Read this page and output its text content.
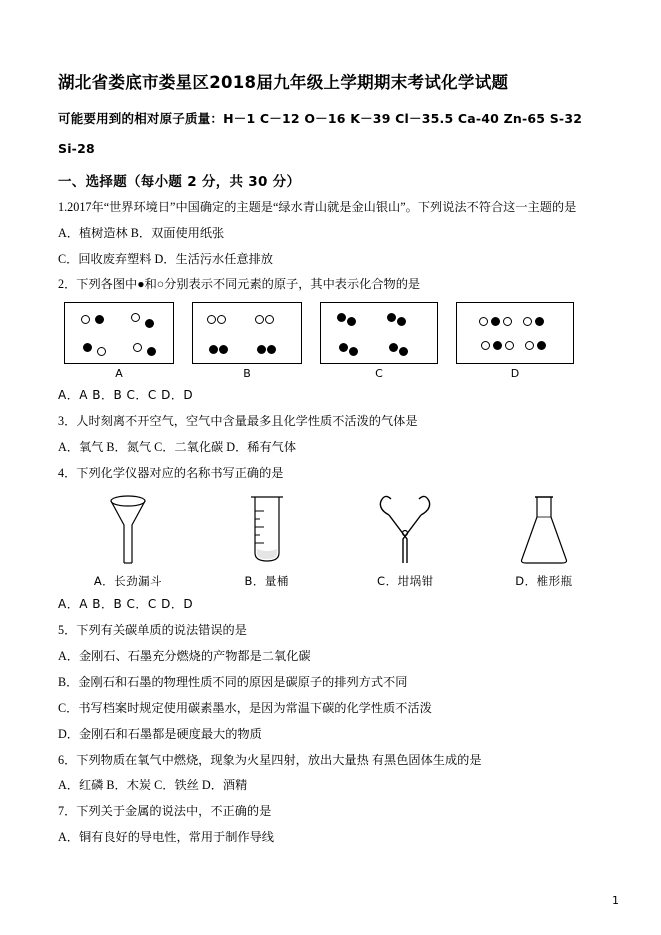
湖北省娄底市娄星区2018届九年级上学期期末考试化学试题
可能要用到的相对原子质量：H－1 C－12 O－16 K－39 Cl－35.5 Ca-40 Zn-65 S-32
Si-28
一、选择题（每小题 2 分，共 30 分）
1.2017年“世界环境日”中国确定的主题是“绿水青山就是金山银山”。下列说法不符合这一主题的是
A．植树造林 B．双面使用纸张
C．回收废弃塑料 D．生活污水任意排放
2．下列各图中●和○分别表示不同元素的原子，其中表示化合物的是
A	B	C	D
A．A B．B C．C D．D
3．人时刻离不开空气，空气中含量最多且化学性质不活泼的气体是
A．氧气 B．氮气 C．二氧化碳 D．稀有气体
4．下列化学仪器对应的名称书写正确的是
A．长劲漏斗	B．量桶	C．坩埚钳	D．椎形瓶
A．A B．B C．C D．D
5．下列有关碳单质的说法错误的是
A．金刚石、石墨充分燃烧的产物都是二氧化碳
B．金刚石和石墨的物理性质不同的原因是碳原子的排列方式不同
C．书写档案时规定使用碳素墨水，是因为常温下碳的化学性质不活泼
D．金刚石和石墨都是硬度最大的物质
6．下列物质在氧气中燃烧，现象为火星四射，放出大量热 有黑色固体生成的是
A．红磷 B．木炭 C．铁丝 D．酒精
7．下列关于金属的说法中，不正确的是
A．铜有良好的导电性，常用于制作导线
1
